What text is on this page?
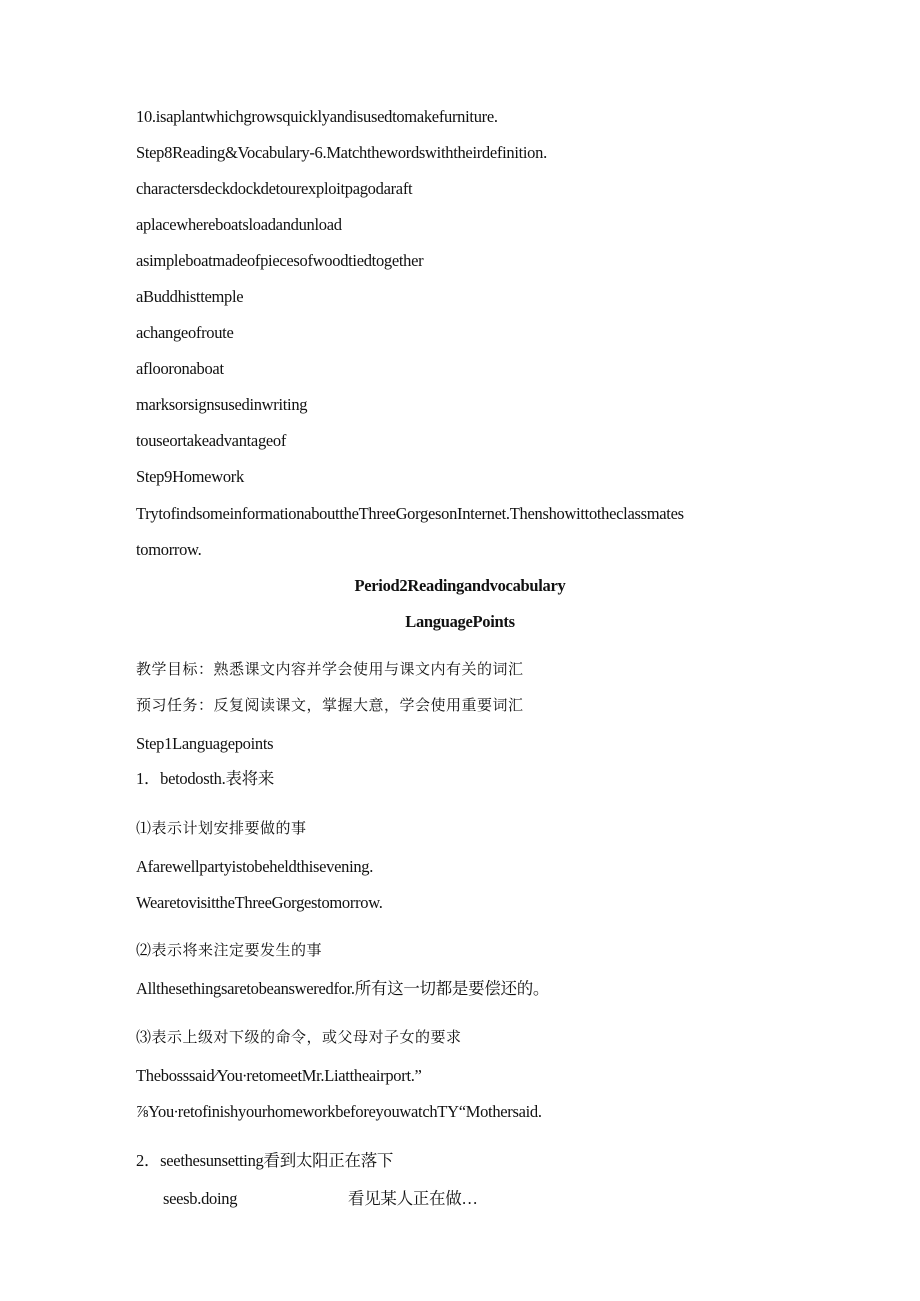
10.isaplantwhichgrowsquicklyandisusedtomakefurniture.
Step8Reading&Vocabulary-6.Matchthewordswiththeirdefinition.
charactersdeckdockdetourexploitpagodaraft
aplacewhereboatsloadandunload
asimpleboatmadeofpiecesofwoodtiedtogether
aBuddhisttemple
achangeofroute
aflooronaboat
marksorsignsusedinwriting
touseortakeadvantageof
Step9Homework
TrytofindsomeinformationabouttheThreeGorgesonInternet.Thenshowittotheclassmates
tomorrow.
Period2Readingandvocabulary
LanguagePoints
教学目标：熟悉课文内容并学会使用与课文内有关的词汇
预习任务：反复阅读课文，掌握大意，学会使用重要词汇
Step1Languagepoints
1．betodosth.表将来
⑴表示计划安排要做的事
Afarewellpartyistobeheldthisevening.
WearetovisittheThreeGorgestomorrow.
⑵表示将来注定要发生的事
Allthesethingsaretobeansweredfor.所有这一切都是要偿还的。
⑶表示上级对下级的命令，或父母对子女的要求
Thebosssaid∕You∙retomeetMr.Liattheairport.”
⅞You∙retofinishyourhomeworkbeforeyouwatchTY“Mothersaid.
2．seethesunsetting看到太阳正在落下
seesb.doing	看见某人正在做…
